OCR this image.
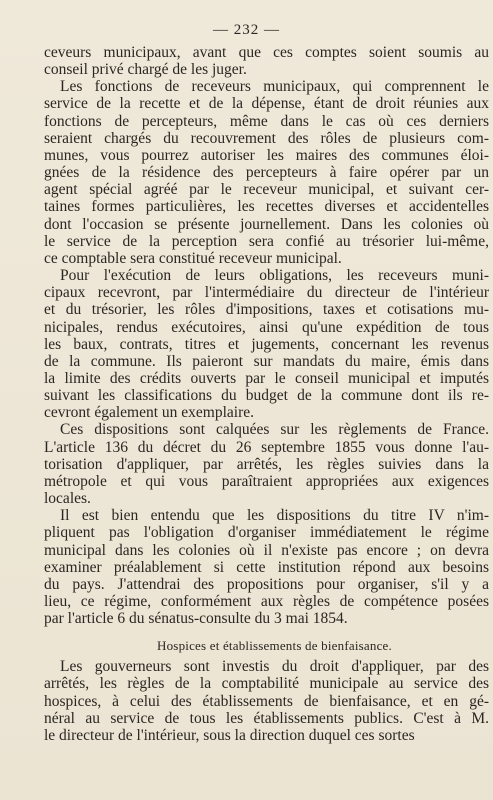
— 232 —
ceveurs municipaux, avant que ces comptes soient soumis au
conseil privé chargé de les juger.
Les fonctions de receveurs municipaux, qui comprennent le
service de la recette et de la dépense, étant de droit réunies aux
fonctions de percepteurs, même dans le cas où ces derniers
seraient chargés du recouvrement des rôles de plusieurs com-
munes, vous pourrez autoriser les maires des communes éloi-
gnées de la résidence des percepteurs à faire opérer par un
agent spécial agréé par le receveur municipal, et suivant cer-
taines formes particulières, les recettes diverses et accidentelles
dont l'occasion se présente journellement. Dans les colonies où
le service de la perception sera confié au trésorier lui-même,
ce comptable sera constitué receveur municipal.
Pour l'exécution de leurs obligations, les receveurs muni-
cipaux recevront, par l'intermédiaire du directeur de l'intérieur
et du trésorier, les rôles d'impositions, taxes et cotisations mu-
nicipales, rendus exécutoires, ainsi qu'une expédition de tous
les baux, contrats, titres et jugements, concernant les revenus
de la commune. Ils paieront sur mandats du maire, émis dans
la limite des crédits ouverts par le conseil municipal et imputés
suivant les classifications du budget de la commune dont ils re-
cevront également un exemplaire.
Ces dispositions sont calquées sur les règlements de France.
L'article 136 du décret du 26 septembre 1855 vous donne l'au-
torisation d'appliquer, par arrêtés, les règles suivies dans la
métropole et qui vous paraîtraient appropriées aux exigences
locales.
Il est bien entendu que les dispositions du titre IV n'im-
pliquent pas l'obligation d'organiser immédiatement le régime
municipal dans les colonies où il n'existe pas encore ; on devra
examiner préalablement si cette institution répond aux besoins
du pays. J'attendrai des propositions pour organiser, s'il y a
lieu, ce régime, conformément aux règles de compétence posées
par l'article 6 du sénatus-consulte du 3 mai 1854.
Hospices et établissements de bienfaisance.
Les gouverneurs sont investis du droit d'appliquer, par des
arrêtés, les règles de la comptabilité municipale au service des
hospices, à celui des établissements de bienfaisance, et en gé-
néral au service de tous les établissements publics. C'est à M.
le directeur de l'intérieur, sous la direction duquel ces sortes
